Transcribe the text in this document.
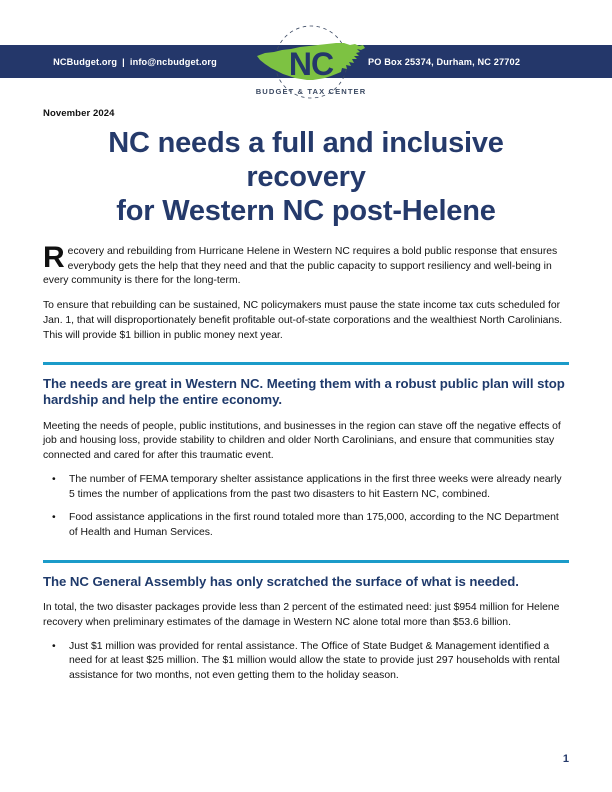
NCBudget.org | info@ncbudget.org	PO Box 25374, Durham, NC 27702
NC
BUDGET & TAX CENTER
November 2024
NC needs a full and inclusive recovery
for Western NC post-Helene
R ecovery and rebuilding from Hurricane Helene in Western NC requires a bold public response that ensures everybody gets the help that they need and that the public capacity to support resiliency and well-being in every community is there for the long-term.

To ensure that rebuilding can be sustained, NC policymakers must pause the state income tax cuts scheduled for Jan. 1, that will disproportionately benefit profitable out-of-state corporations and the wealthiest North Carolinians. This will provide $1 billion in public money next year.

The needs are great in Western NC. Meeting them with a robust public plan will stop hardship and help the entire economy.

Meeting the needs of people, public institutions, and businesses in the region can stave off the negative effects of job and housing loss, provide stability to children and older North Carolinians, and ensure that communities stay connected and cared for after this traumatic event.

• The number of FEMA temporary shelter assistance applications in the first three weeks were already nearly 5 times the number of applications from the past two disasters to hit Eastern NC, combined.
• Food assistance applications in the first round totaled more than 175,000, according to the NC Department of Health and Human Services.
The NC General Assembly has only scratched the surface of what is needed.

In total, the two disaster packages provide less than 2 percent of the estimated need: just $954 million for Helene recovery when preliminary estimates of the damage in Western NC alone total more than $53.6 billion.

• Just $1 million was provided for rental assistance. The Office of State Budget & Management identified a need for at least $25 million. The $1 million would allow the state to provide just 297 households with rental assistance for two months, not even getting them to the holiday season.
1
